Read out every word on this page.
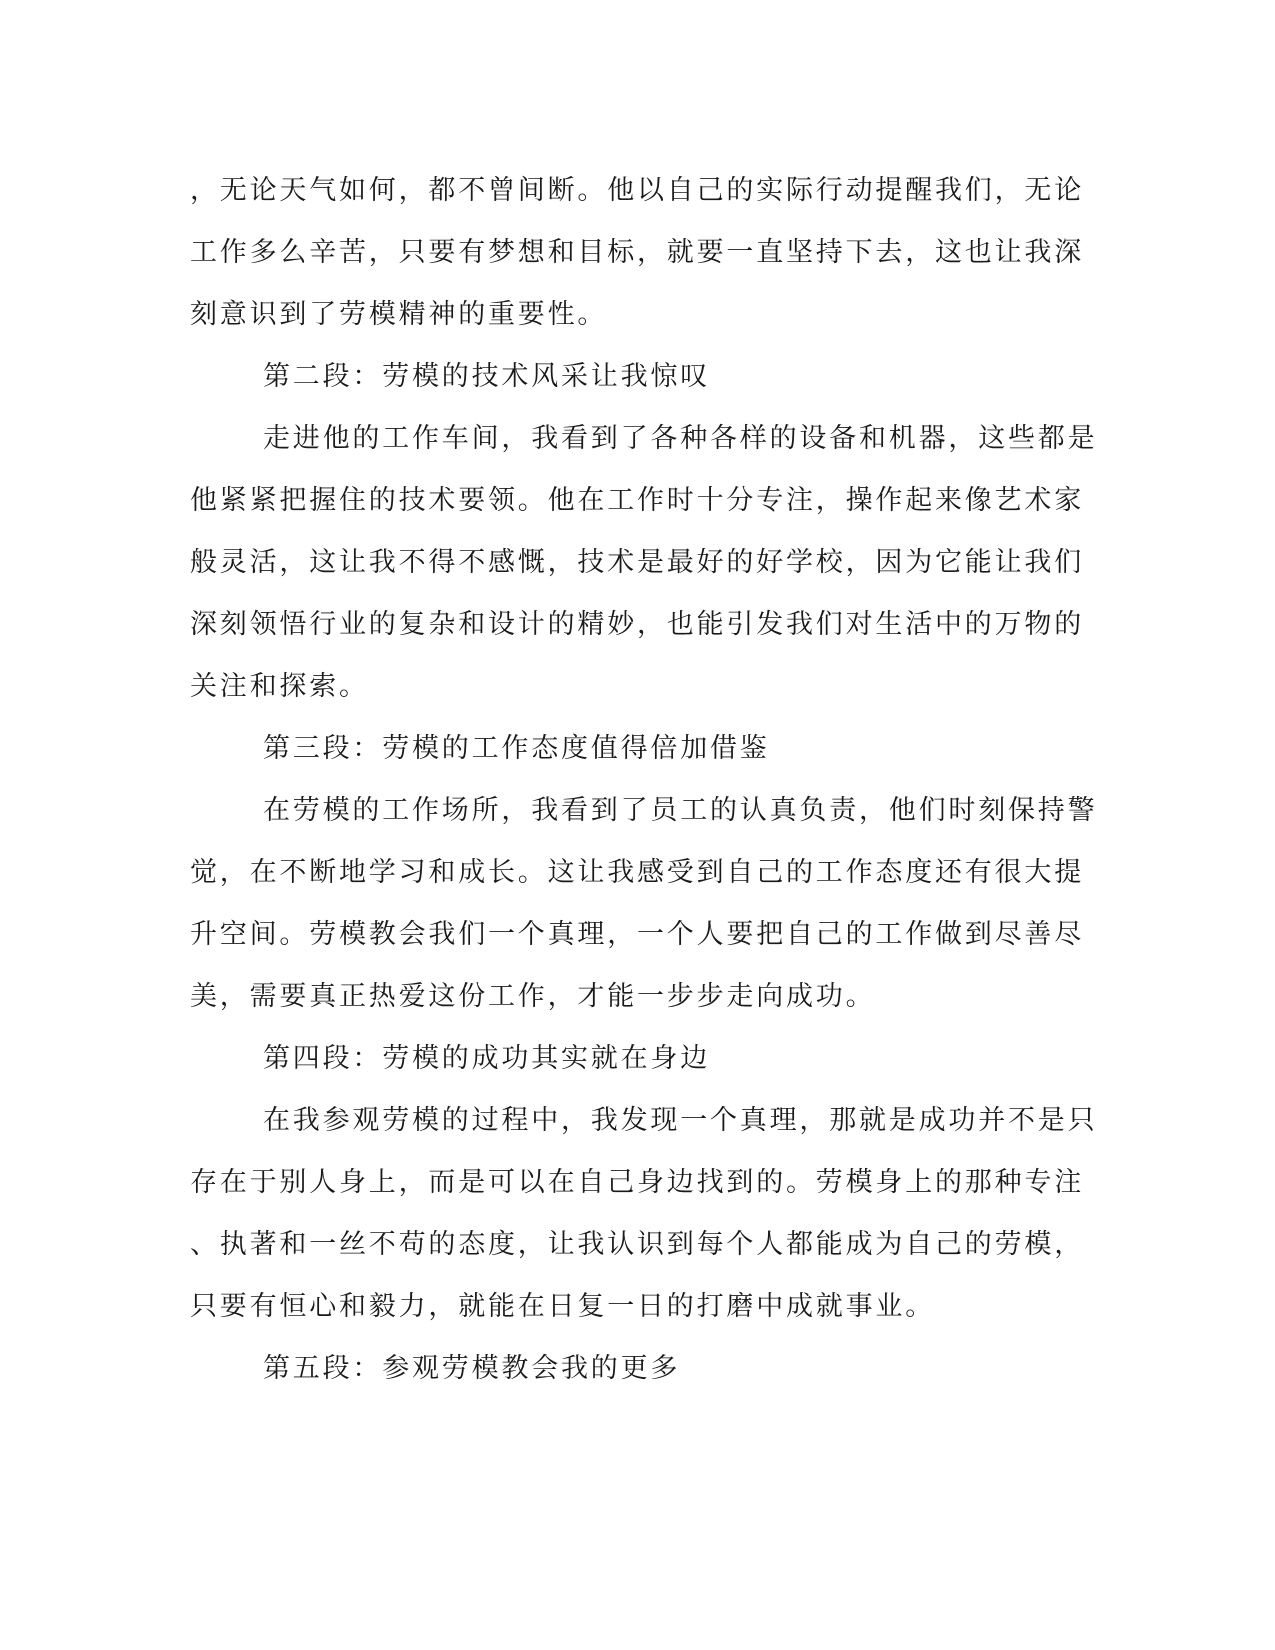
，无论天气如何，都不曾间断。他以自己的实际行动提醒我们，无论
工作多么辛苦，只要有梦想和目标，就要一直坚持下去，这也让我深
刻意识到了劳模精神的重要性。
第二段：劳模的技术风采让我惊叹
走进他的工作车间，我看到了各种各样的设备和机器，这些都是
他紧紧把握住的技术要领。他在工作时十分专注，操作起来像艺术家
般灵活，这让我不得不感慨，技术是最好的好学校，因为它能让我们
深刻领悟行业的复杂和设计的精妙，也能引发我们对生活中的万物的
关注和探索。
第三段：劳模的工作态度值得倍加借鉴
在劳模的工作场所，我看到了员工的认真负责，他们时刻保持警
觉，在不断地学习和成长。这让我感受到自己的工作态度还有很大提
升空间。劳模教会我们一个真理，一个人要把自己的工作做到尽善尽
美，需要真正热爱这份工作，才能一步步走向成功。
第四段：劳模的成功其实就在身边
在我参观劳模的过程中，我发现一个真理，那就是成功并不是只
存在于别人身上，而是可以在自己身边找到的。劳模身上的那种专注
、执著和一丝不苟的态度，让我认识到每个人都能成为自己的劳模，
只要有恒心和毅力，就能在日复一日的打磨中成就事业。
第五段：参观劳模教会我的更多
